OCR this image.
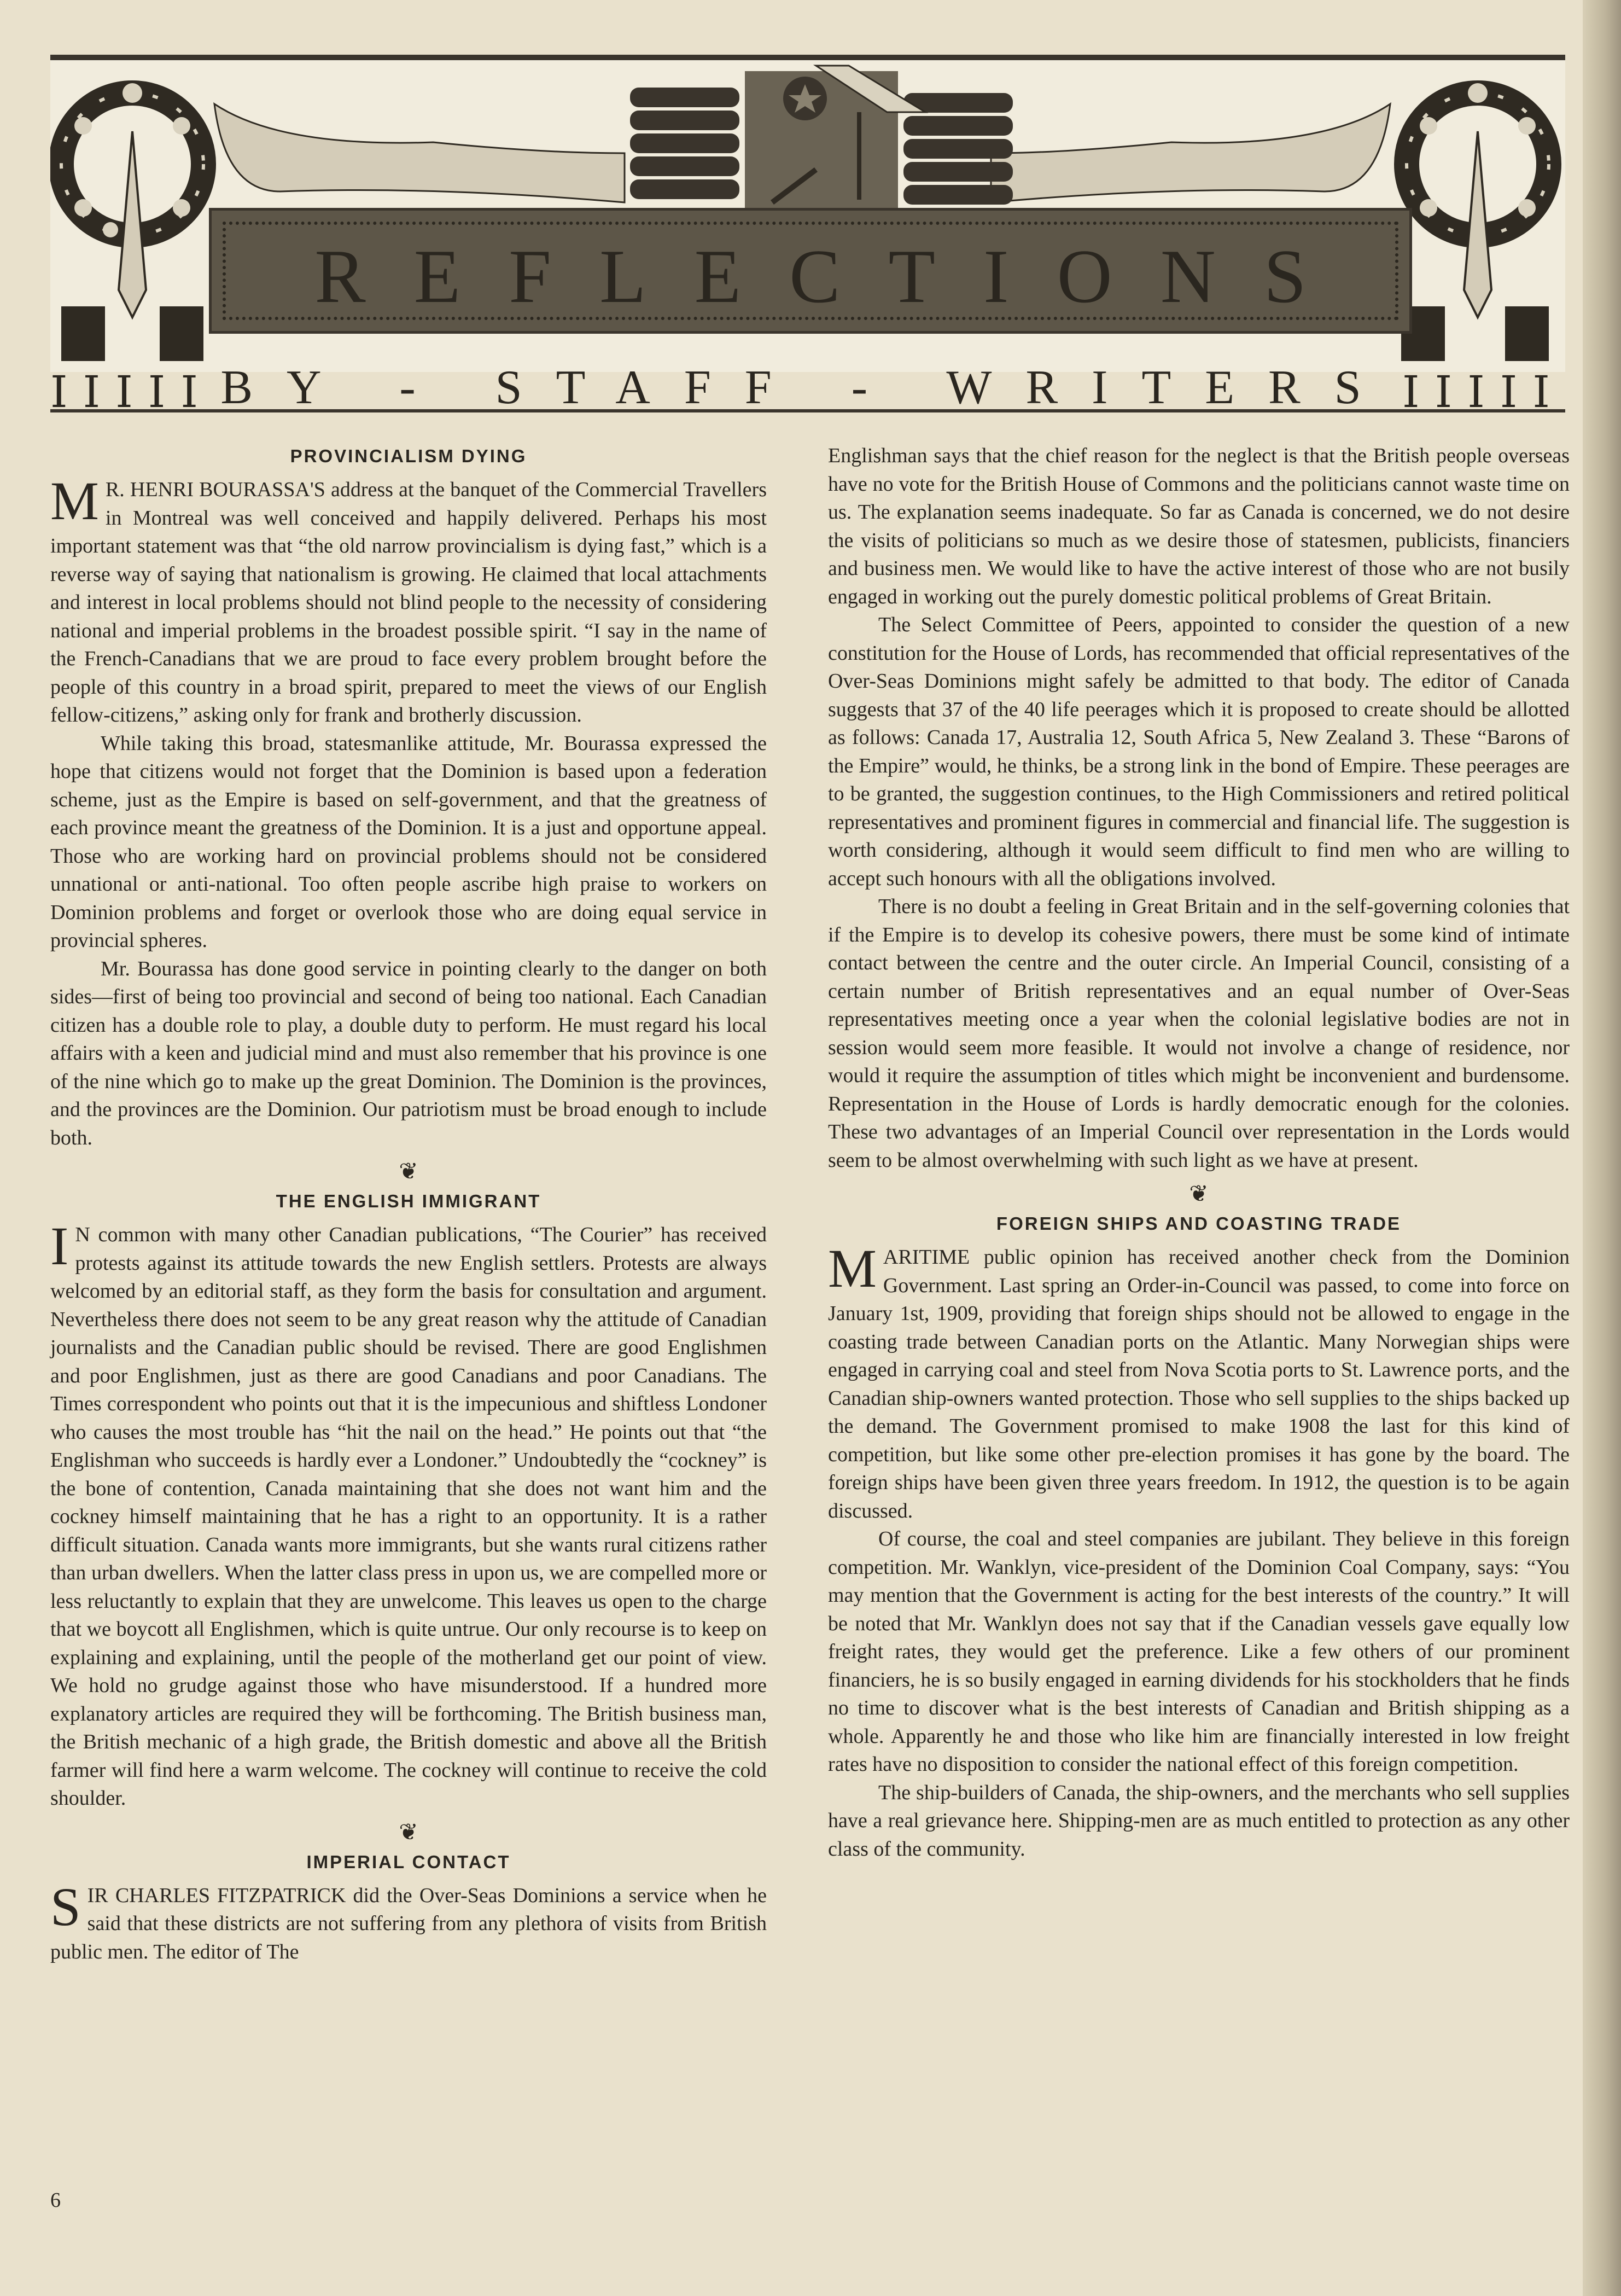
REFLECTIONS
IIIII BY - STAFF - WRITERS IIIII
PROVINCIALISM DYING

M R. HENRI BOURASSA'S address at the banquet of the Commercial Travellers in Montreal was well conceived and happily delivered. Perhaps his most important statement was that “the old narrow provincialism is dying fast,” which is a reverse way of saying that nationalism is growing. He claimed that local attachments and interest in local problems should not blind people to the necessity of considering national and imperial problems in the broadest possible spirit. “I say in the name of the French-Canadians that we are proud to face every problem brought before the people of this country in a broad spirit, prepared to meet the views of our English fellow-citizens,” asking only for frank and brotherly discussion.

While taking this broad, statesmanlike attitude, Mr. Bourassa expressed the hope that citizens would not forget that the Dominion is based upon a federation scheme, just as the Empire is based on self-government, and that the greatness of each province meant the greatness of the Dominion. It is a just and opportune appeal. Those who are working hard on provincial problems should not be considered unnational or anti-national. Too often people ascribe high praise to workers on Dominion problems and forget or overlook those who are doing equal service in provincial spheres.

Mr. Bourassa has done good service in pointing clearly to the danger on both sides—first of being too provincial and second of being too national. Each Canadian citizen has a double role to play, a double duty to perform. He must regard his local affairs with a keen and judicial mind and must also remember that his province is one of the nine which go to make up the great Dominion. The Dominion is the provinces, and the provinces are the Dominion. Our patriotism must be broad enough to include both.

❦
THE ENGLISH IMMIGRANT

I N common with many other Canadian publications, “The Courier” has received protests against its attitude towards the new English settlers. Protests are always welcomed by an editorial staff, as they form the basis for consultation and argument. Nevertheless there does not seem to be any great reason why the attitude of Canadian journalists and the Canadian public should be revised. There are good Englishmen and poor Englishmen, just as there are good Canadians and poor Canadians. The Times correspondent who points out that it is the impecunious and shiftless Londoner who causes the most trouble has “hit the nail on the head.” He points out that “the Englishman who succeeds is hardly ever a Londoner.” Undoubtedly the “cockney” is the bone of contention, Canada maintaining that she does not want him and the cockney himself maintaining that he has a right to an opportunity. It is a rather difficult situation. Canada wants more immigrants, but she wants rural citizens rather than urban dwellers. When the latter class press in upon us, we are compelled more or less reluctantly to explain that they are unwelcome. This leaves us open to the charge that we boycott all Englishmen, which is quite untrue. Our only recourse is to keep on explaining and explaining, until the people of the motherland get our point of view. We hold no grudge against those who have misunderstood. If a hundred more explanatory articles are required they will be forthcoming. The British business man, the British mechanic of a high grade, the British domestic and above all the British farmer will find here a warm welcome. The cockney will continue to receive the cold shoulder.

❦
IMPERIAL CONTACT

SIR CHARLES FITZPATRICK did the Over-Seas Dominions a service when he said that these districts are not suffering from any plethora of visits from British public men. The editor of The

Englishman says that the chief reason for the neglect is that the British people overseas have no vote for the British House of Commons and the politicians cannot waste time on us. The explanation seems inadequate. So far as Canada is concerned, we do not desire the visits of politicians so much as we desire those of statesmen, publicists, financiers and business men. We would like to have the active interest of those who are not busily engaged in working out the purely domestic political problems of Great Britain.

The Select Committee of Peers, appointed to consider the question of a new constitution for the House of Lords, has recommended that official representatives of the Over-Seas Dominions might safely be admitted to that body. The editor of Canada suggests that 37 of the 40 life peerages which it is proposed to create should be allotted as follows: Canada 17, Australia 12, South Africa 5, New Zealand 3. These “Barons of the Empire” would, he thinks, be a strong link in the bond of Empire. These peerages are to be granted, the suggestion continues, to the High Commissioners and retired political representatives and prominent figures in commercial and financial life. The suggestion is worth considering, although it would seem difficult to find men who are willing to accept such honours with all the obligations involved.

There is no doubt a feeling in Great Britain and in the self-governing colonies that if the Empire is to develop its cohesive powers, there must be some kind of intimate contact between the centre and the outer circle. An Imperial Council, consisting of a certain number of British representatives and an equal number of Over-Seas representatives meeting once a year when the colonial legislative bodies are not in session would seem more feasible. It would not involve a change of residence, nor would it require the assumption of titles which might be inconvenient and burdensome. Representation in the House of Lords is hardly democratic enough for the colonies. These two advantages of an Imperial Council over representation in the Lords would seem to be almost overwhelming with such light as we have at present.

❦
FOREIGN SHIPS AND COASTING TRADE

MARITIME public opinion has received another check from the Dominion Government. Last spring an Order-in-Council was passed, to come into force on January 1st, 1909, providing that foreign ships should not be allowed to engage in the coasting trade between Canadian ports on the Atlantic. Many Norwegian ships were engaged in carrying coal and steel from Nova Scotia ports to St. Lawrence ports, and the Canadian ship-owners wanted protection. Those who sell supplies to the ships backed up the demand. The Government promised to make 1908 the last for this kind of competition, but like some other pre-election promises it has gone by the board. The foreign ships have been given three years freedom. In 1912, the question is to be again discussed.

Of course, the coal and steel companies are jubilant. They believe in this foreign competition. Mr. Wanklyn, vice-president of the Dominion Coal Company, says: “You may mention that the Government is acting for the best interests of the country.” It will be noted that Mr. Wanklyn does not say that if the Canadian vessels gave equally low freight rates, they would get the preference. Like a few others of our prominent financiers, he is so busily engaged in earning dividends for his stockholders that he finds no time to discover what is the best interests of Canadian and British shipping as a whole. Apparently he and those who like him are financially interested in low freight rates have no disposition to consider the national effect of this foreign competition.

The ship-builders of Canada, the ship-owners, and the merchants who sell supplies have a real grievance here. Shipping-men are as much entitled to protection as any other class of the community.

6
